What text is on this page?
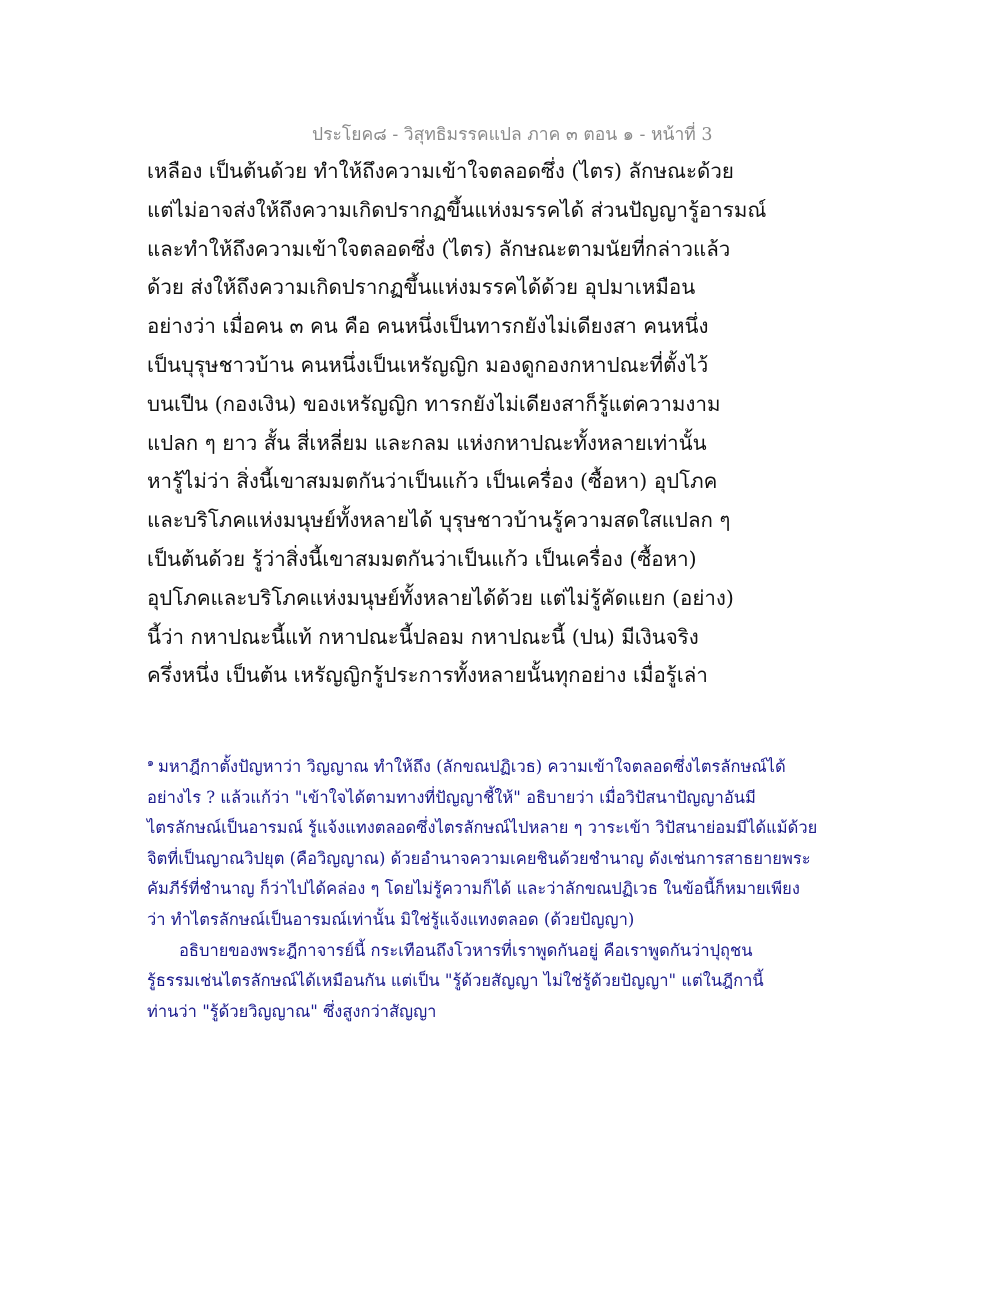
ประโยค๘ - วิสุทธิมรรคแปล ภาค ๓ ตอน ๑ - หน้าที่ 3
เหลือง เป็นต้นด้วย ทำให้ถึงความเข้าใจตลอดซึ่ง (ไตร) ลักษณะด้วย
แต่ไม่อาจส่งให้ถึงความเกิดปรากฏขึ้นแห่งมรรคได้ ส่วนปัญญารู้อารมณ์
และทำให้ถึงความเข้าใจตลอดซึ่ง (ไตร) ลักษณะตามนัยที่กล่าวแล้ว
ด้วย ส่งให้ถึงความเกิดปรากฏขึ้นแห่งมรรคได้ด้วย อุปมาเหมือน
อย่างว่า เมื่อคน ๓ คน คือ คนหนึ่งเป็นทารกยังไม่เดียงสา คนหนึ่ง
เป็นบุรุษชาวบ้าน คนหนึ่งเป็นเหรัญญิก มองดูกองกหาปณะที่ตั้งไว้
บนเปีน (กองเงิน) ของเหรัญญิก ทารกยังไม่เดียงสาก็รู้แต่ความงาม
แปลก ๆ ยาว สั้น สี่เหลี่ยม และกลม แห่งกหาปณะทั้งหลายเท่านั้น
หารู้ไม่ว่า สิ่งนี้เขาสมมตกันว่าเป็นแก้ว เป็นเครื่อง (ซื้อหา) อุปโภค
และบริโภคแห่งมนุษย์ทั้งหลายได้ บุรุษชาวบ้านรู้ความสดใสแปลก ๆ
เป็นต้นด้วย รู้ว่าสิ่งนี้เขาสมมตกันว่าเป็นแก้ว เป็นเครื่อง (ซื้อหา)
อุปโภคและบริโภคแห่งมนุษย์ทั้งหลายได้ด้วย แต่ไม่รู้คัดแยก (อย่าง)
นี้ว่า กหาปณะนี้แท้ กหาปณะนี้ปลอม กหาปณะนี้ (ปน) มีเงินจริง
ครึ่งหนึ่ง เป็นต้น เหรัญญิกรู้ประการทั้งหลายนั้นทุกอย่าง เมื่อรู้เล่า
$^๑$ มหาฎีกาตั้งปัญหาว่า วิญญาณ ทำให้ถึง (ลักขณปฏิเวธ) ความเข้าใจตลอดซึ่งไตรลักษณ์ได้
อย่างไร ? แล้วแก้ว่า "เข้าใจได้ตามทางที่ปัญญาชี้ให้" อธิบายว่า เมื่อวิปัสนาปัญญาอันมี
ไตรลักษณ์เป็นอารมณ์ รู้แจ้งแทงตลอดซึ่งไตรลักษณ์ไปหลาย ๆ วาระเข้า วิปัสนาย่อมมีได้แม้ด้วย
จิตที่เป็นญาณวิปยุต (คือวิญญาณ) ด้วยอำนาจความเคยชินด้วยชำนาญ ดังเช่นการสาธยายพระ
คัมภีร์ที่ชำนาญ ก็ว่าไปได้คล่อง ๆ โดยไม่รู้ความก็ได้ และว่าลักขณปฏิเวธ ในข้อนี้ก็หมายเพียง
ว่า ทำไตรลักษณ์เป็นอารมณ์เท่านั้น มิใช่รู้แจ้งแทงตลอด (ด้วยปัญญา)
อธิบายของพระฎีกาจารย์นี้ กระเทือนถึงโวหารที่เราพูดกันอยู่ คือเราพูดกันว่าปุถุชน
รู้ธรรมเช่นไตรลักษณ์ได้เหมือนกัน แต่เป็น "รู้ด้วยสัญญา ไม่ใช่รู้ด้วยปัญญา" แต่ในฎีกานี้
ท่านว่า "รู้ด้วยวิญญาณ" ซึ่งสูงกว่าสัญญา
